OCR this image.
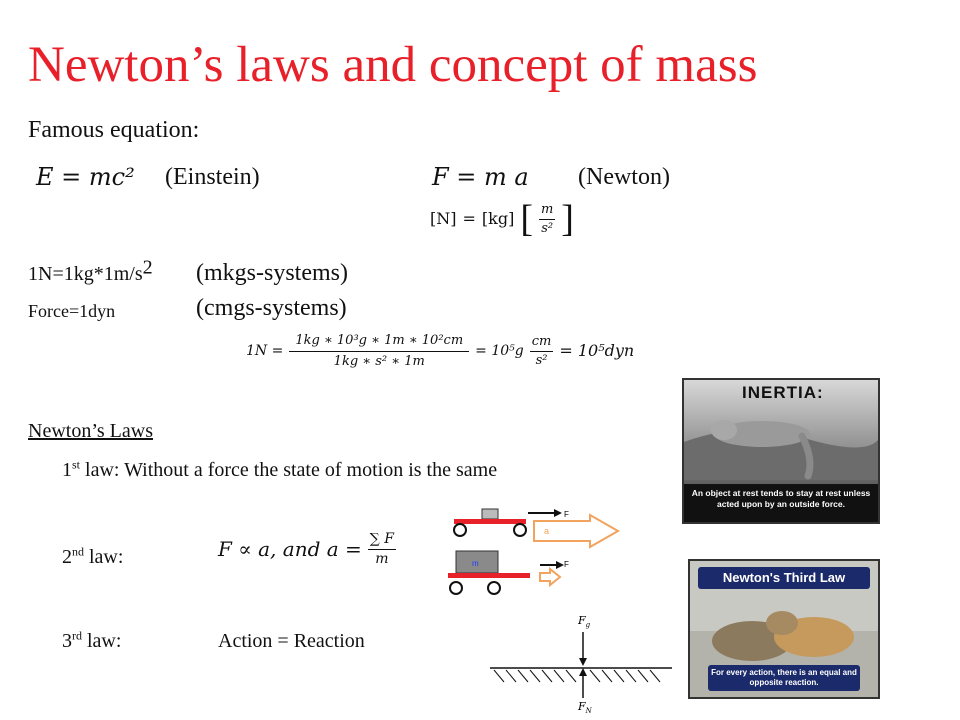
Newton’s laws and concept of mass
Famous equation:
E = mc² (Einstein)	F = m a (Newton)
[N] = [kg] [ $\frac{m}{\text{s²}}$ ]
$1N=1kg*1m/s^2$ (mkgs-systems)
Force=1dyn	(cmgs-systems)
$1N = \frac{\text{1kg ∗ 10³g ∗ 1m ∗ 10²cm}}{\text{1kg ∗ s² ∗ 1m}} = 10^5g \frac{cm}{\text{s²}} = 10^5dyn$
Newton’s Laws
1st law: Without a force the state of motion is the same
2nd law:	F ∝ a, and $a = \frac{\sum F}{m}$
3rd law:	Action = Reaction
F
a
m	F
$F_g$
$F_N$
INERTIA:
An object at rest tends to stay at rest unless acted upon by an outside force.
Newton's Third Law
For every action, there is an equal and opposite reaction.
